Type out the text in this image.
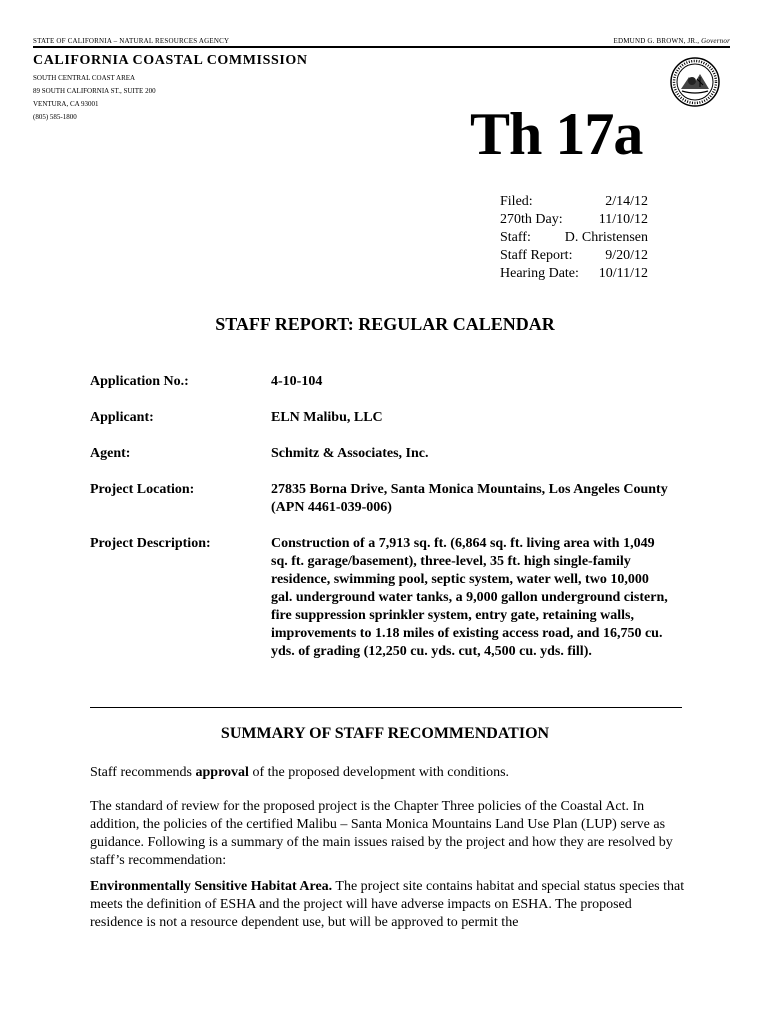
STATE OF CALIFORNIA – NATURAL RESOURCES AGENCY	EDMUND G. BROWN, JR., Governor
CALIFORNIA COASTAL COMMISSION
SOUTH CENTRAL COAST AREA
89 SOUTH CALIFORNIA ST., SUITE 200
VENTURA, CA 93001
(805) 585-1800	Th 17a
Filed:	2/14/12
270th Day:	11/10/12
Staff: D. Christensen
Staff Report: 9/20/12
Hearing Date: 10/11/12
STAFF REPORT: REGULAR CALENDAR
Application No.:	4-10-104
Applicant:	ELN Malibu, LLC
Agent:	Schmitz & Associates, Inc.
Project Location:	27835 Borna Drive, Santa Monica Mountains, Los Angeles County (APN 4461-039-006)
Project Description:	Construction of a 7,913 sq. ft. (6,864 sq. ft. living area with 1,049 sq. ft. garage/basement), three-level, 35 ft. high single-family residence, swimming pool, septic system, water well, two 10,000 gal. underground water tanks, a 9,000 gallon underground cistern, fire suppression sprinkler system, entry gate, retaining walls, improvements to 1.18 miles of existing access road, and 16,750 cu. yds. of grading (12,250 cu. yds. cut, 4,500 cu. yds. fill).
SUMMARY OF STAFF RECOMMENDATION
Staff recommends approval of the proposed development with conditions.
The standard of review for the proposed project is the Chapter Three policies of the Coastal Act. In addition, the policies of the certified Malibu – Santa Monica Mountains Land Use Plan (LUP) serve as guidance. Following is a summary of the main issues raised by the project and how they are resolved by staff’s recommendation:
Environmentally Sensitive Habitat Area. The project site contains habitat and special status species that meets the definition of ESHA and the project will have adverse impacts on ESHA. The proposed residence is not a resource dependent use, but will be approved to permit the
